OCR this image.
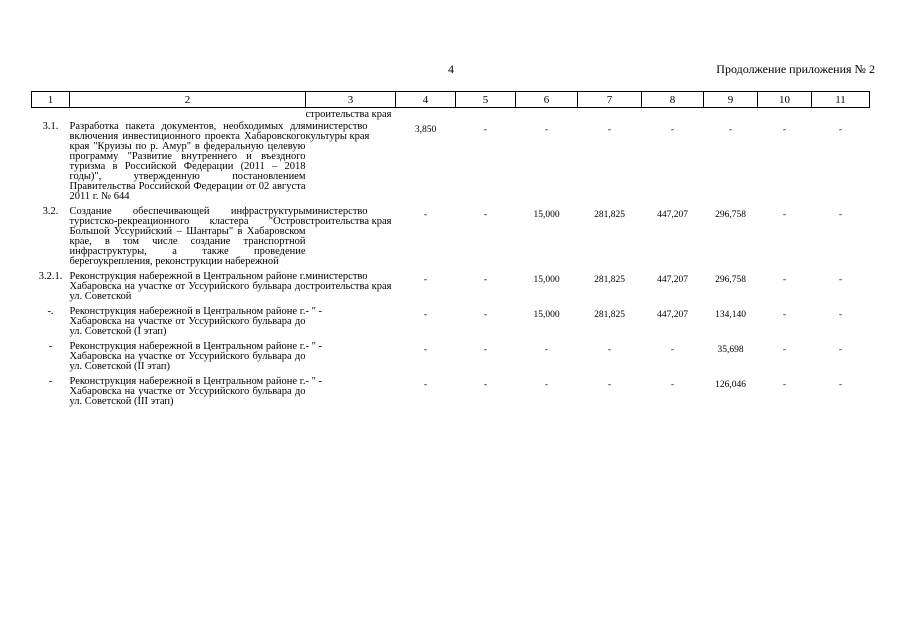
4	Продолжение приложения № 2
1	2	3	4	5	6	7	8	9	10	11
		строительства края								
3.1.	Разработка пакета документов, необходимых для включения инвестиционного проекта Хабаровского края "Круизы по р. Амур" в федеральную целевую программу "Развитие внутреннего и въездного туризма в Российской Федерации (2011 – 2018 годы)", утвержденную постановлением Правительства Российской Федерации от 02 августа 2011 г. № 644	министерство культуры края	3,850	-	-	-	-	-	-	-
3.2.	Создание обеспечивающей инфраструктуры туристско-рекреационного кластера "Остров Большой Уссурийский – Шантары" в Хабаровском крае, в том числе создание транспортной инфраструктуры, а также проведение берегоукрепления, реконструкции набережной	министерство строительства края	-	-	15,000	281,825	447,207	296,758	-	-
3.2.1.	Реконструкция набережной в Центральном районе г. Хабаровска на участке от Уссурийского бульвара до ул. Советской	министерство строительства края	-	-	15,000	281,825	447,207	296,758	-	-
-.	Реконструкция набережной в Центральном районе г. Хабаровска на участке от Уссурийского бульвара до ул. Советской (I этап)	- " -	-	-	15,000	281,825	447,207	134,140	-	-
-	Реконструкция набережной в Центральном районе г. Хабаровска на участке от Уссурийского бульвара до ул. Советской (II этап)	- " -	-	-	-	-	-	35,698	-	-
-	Реконструкция набережной в Центральном районе г. Хабаровска на участке от Уссурийского бульвара до ул. Советской (III этап)	- " -	-	-	-	-	-	126,046	-	-
